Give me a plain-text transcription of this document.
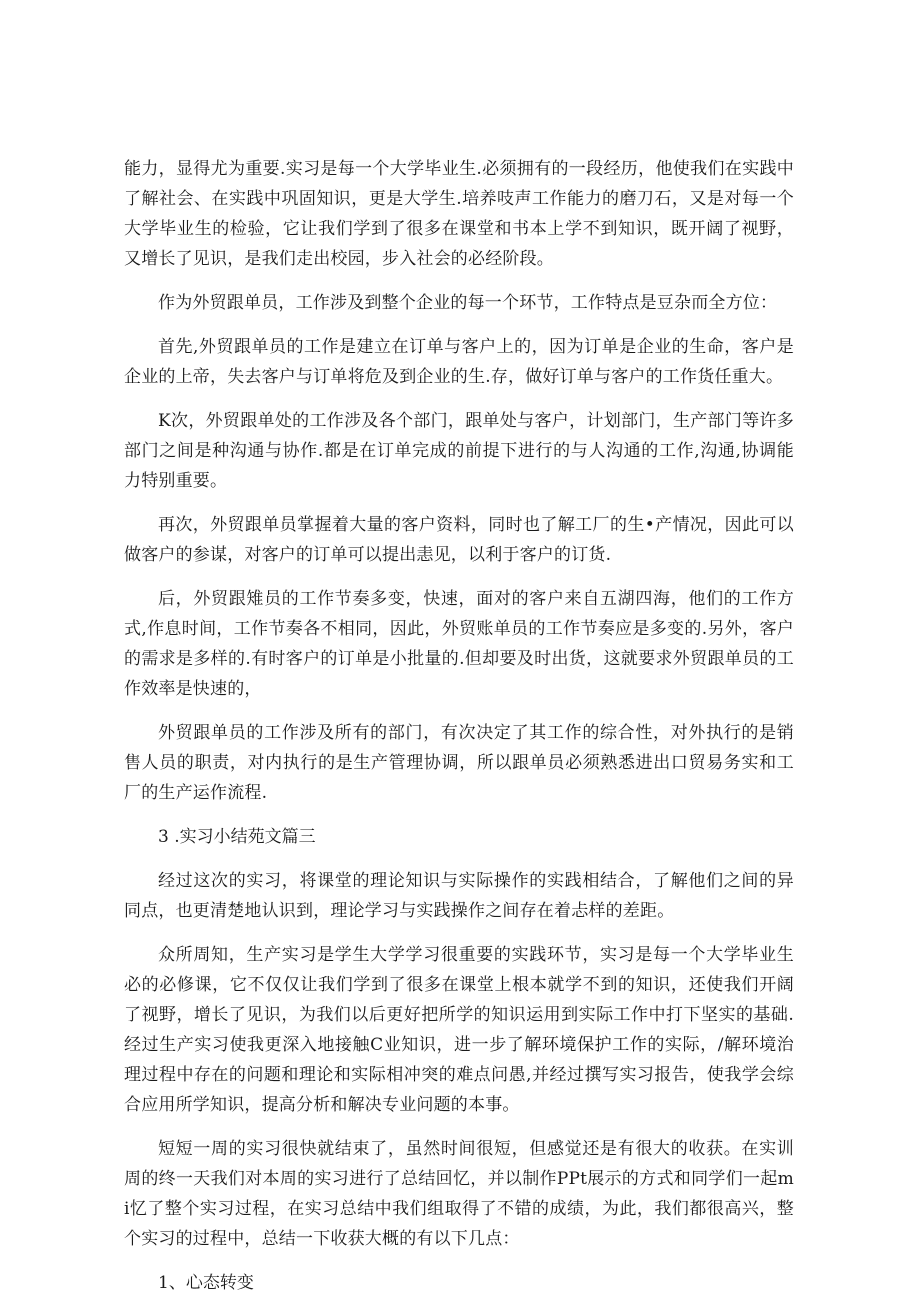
能力，显得尤为重要.实习是每一个大学毕业生.必须拥有的一段经历，他使我们在实践中了解社会、在实践中巩固知识，更是大学生.培养吱声工作能力的磨刀石，又是对每一个大学毕业生的检验，它让我们学到了很多在课堂和书本上学不到知识，既开阔了视野，又增长了见识，是我们走出校园，步入社会的必经阶段。

作为外贸跟单员，工作涉及到整个企业的每一个环节，工作特点是豆杂而全方位：

首先,外贸跟单员的工作是建立在订单与客户上的，因为订单是企业的生命，客户是企业的上帝，失去客户与订单将危及到企业的生.存，做好订单与客户的工作货任重大。

K次，外贸跟单处的工作涉及各个部门，跟单处与客户，计划部门，生产部门等许多部门之间是种沟通与协作.都是在订单完成的前提下进行的与人沟通的工作,沟通,协调能力特别重要。

再次，外贸跟单员掌握着大量的客户资料，同时也了解工厂的生•产情况，因此可以做客户的参谋，对客户的订单可以提出恚见，以利于客户的订货.

后，外贸跟雉员的工作节奏多变，快速，面对的客户来自五湖四海，他们的工作方式,作息时间，工作节奏各不相同，因此，外贸账单员的工作节奏应是多变的.另外，客户的需求是多样的.有时客户的订单是小批量的.但却要及时出货，这就要求外贸跟单员的工作效率是快速的，

外贸跟单员的工作涉及所有的部门，有次决定了其工作的综合性，对外执行的是销售人员的职责，对内执行的是生产管理协调，所以跟单员必须熟悉进出口贸易务实和工厂的生产运作流程.

3 .实习小结苑文篇三

经过这次的实习，将课堂的理论知识与实际操作的实践相结合，了解他们之间的异同点，也更清楚地认识到，理论学习与实践操作之间存在着忐样的差距。

众所周知，生产实习是学生大学学习很重要的实践环节，实习是每一个大学毕业生必的必修课，它不仅仅让我们学到了很多在课堂上根本就学不到的知识，还使我们开阔了视野，增长了见识，为我们以后更好把所学的知识运用到实际工作中打下坚实的基础.经过生产实习使我更深入地接触C业知识，进一步了解环境保护工作的实际，/解环境治理过程中存在的问题和理论和实际相冲突的难点问愚,并经过撰写实习报告，使我学会综合应用所学知识，提高分析和解决专业问题的本事。

短短一周的实习很快就结束了，虽然时间很短，但感觉还是有很大的收获。在实训周的终一天我们对本周的实习进行了总结回忆，并以制作PPt展示的方式和同学们一起mi忆了整个实习过程，在实习总结中我们组取得了不错的成绩，为此，我们都很高兴，整个实习的过程中，总结一下收获大概的有以下几点：

1、心态转变
